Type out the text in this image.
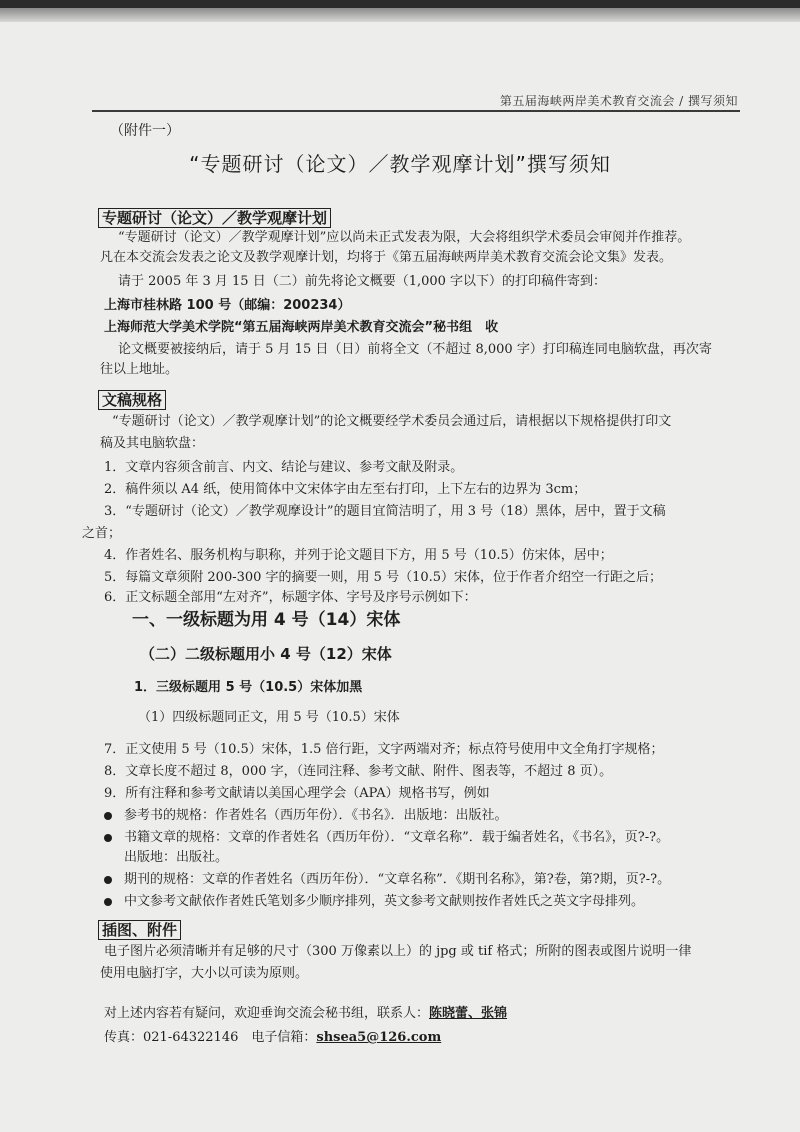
第五届海峡两岸美术教育交流会 / 撰写须知
（附件一）
“专题研讨（论文）／教学观摩计划”撰写须知
专题研讨（论文）／教学观摩计划
“专题研讨（论文）／教学观摩计划”应以尚未正式发表为限，大会将组织学术委员会审阅并作推荐。
凡在本交流会发表之论文及教学观摩计划，均将于《第五届海峡两岸美术教育交流会论文集》发表。
请于 2005 年 3 月 15 日（二）前先将论文概要（1,000 字以下）的打印稿件寄到：
上海市桂林路 100 号（邮编：200234）
上海师范大学美术学院“第五届海峡两岸美术教育交流会”秘书组　收
论文概要被接纳后，请于 5 月 15 日（日）前将全文（不超过 8,000 字）打印稿连同电脑软盘，再次寄
往以上地址。
文稿规格
“专题研讨（论文）／教学观摩计划”的论文概要经学术委员会通过后，请根据以下规格提供打印文
稿及其电脑软盘：
1．文章内容须含前言、内文、结论与建议、参考文献及附录。
2．稿件须以 A4 纸，使用简体中文宋体字由左至右打印，上下左右的边界为 3cm；
3．“专题研讨（论文）／教学观摩设计”的题目宜简洁明了，用 3 号（18）黑体，居中，置于文稿
之首；
4．作者姓名、服务机构与职称，并列于论文题目下方，用 5 号（10.5）仿宋体，居中；
5．每篇文章须附 200-300 字的摘要一则，用 5 号（10.5）宋体，位于作者介绍空一行距之后；
6．正文标题全部用“左对齐”，标题字体、字号及序号示例如下：
一、一级标题为用 4 号（14）宋体
（二）二级标题用小 4 号（12）宋体
1．三级标题用 5 号（10.5）宋体加黑
（1）四级标题同正文，用 5 号（10.5）宋体
7．正文使用 5 号（10.5）宋体，1.5 倍行距，文字两端对齐；标点符号使用中文全角打字规格；
8．文章长度不超过 8，000 字，（连同注释、参考文献、附件、图表等，不超过 8 页）。
9．所有注释和参考文献请以美国心理学会（APA）规格书写，例如
参考书的规格：作者姓名（西历年份）．《书名》．出版地：出版社。
书籍文章的规格：文章的作者姓名（西历年份）．“文章名称”．载于编者姓名，《书名》，页?-?。
出版地：出版社。
期刊的规格：文章的作者姓名（西历年份）．“文章名称”．《期刊名称》，第?卷，第?期，页?-?。
中文参考文献依作者姓氏笔划多少顺序排列，英文参考文献则按作者姓氏之英文字母排列。
插图、附件
电子图片必须清晰并有足够的尺寸（300 万像素以上）的 jpg 或 tif 格式；所附的图表或图片说明一律
使用电脑打字，大小以可读为原则。
对上述内容若有疑问，欢迎垂询交流会秘书组，联系人：陈晓蕾、张锦
传真：021-64322146　电子信箱：shsea5@126.com
